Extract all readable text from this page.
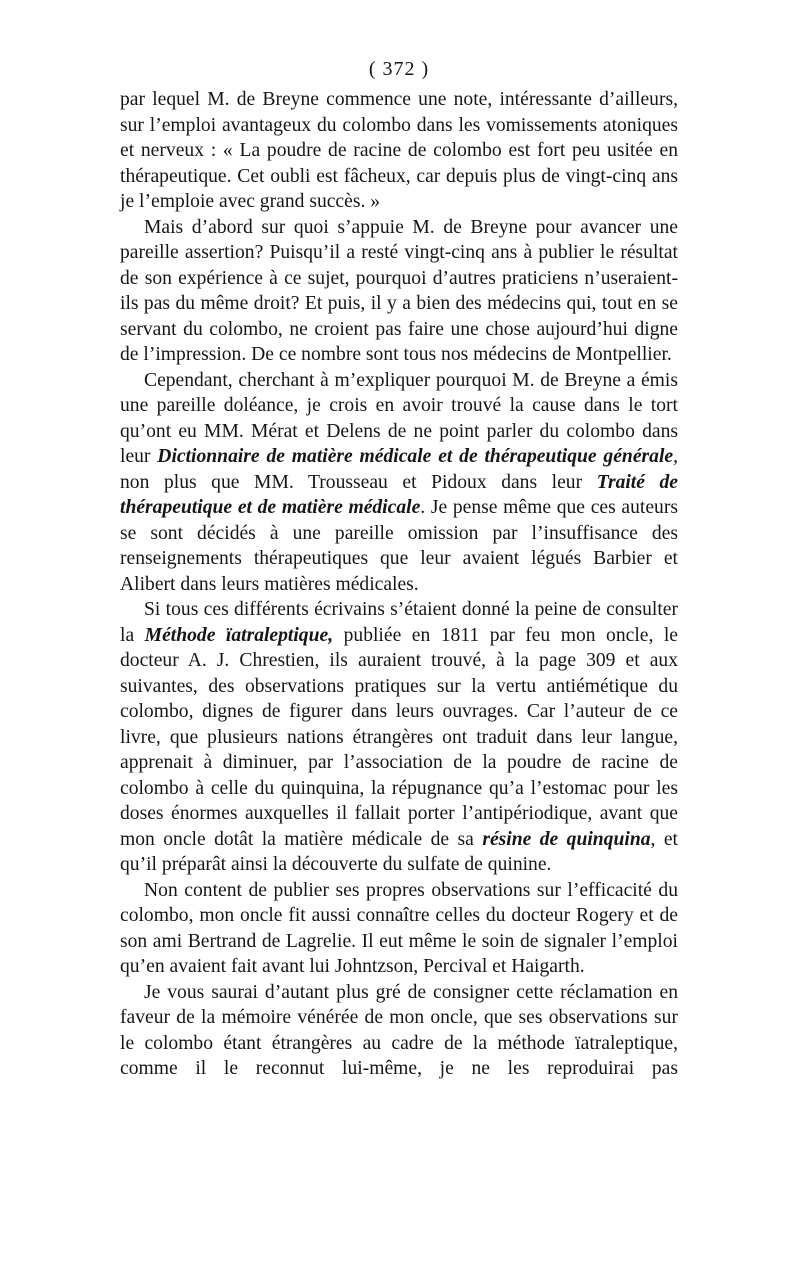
( 372 )

par lequel M. de Breyne commence une note, intéressante d’ailleurs, sur l’emploi avantageux du colombo dans les vomissements atoniques et nerveux : « La poudre de racine de colombo est fort peu usitée en thérapeutique. Cet oubli est fâcheux, car depuis plus de vingt-cinq ans je l’emploie avec grand succès. »

Mais d’abord sur quoi s’appuie M. de Breyne pour avancer une pareille assertion? Puisqu’il a resté vingt-cinq ans à publier le résultat de son expérience à ce sujet, pourquoi d’autres praticiens n’useraient-ils pas du même droit? Et puis, il y a bien des médecins qui, tout en se servant du colombo, ne croient pas faire une chose aujourd’hui digne de l’impression. De ce nombre sont tous nos médecins de Montpellier.

Cependant, cherchant à m’expliquer pourquoi M. de Breyne a émis une pareille doléance, je crois en avoir trouvé la cause dans le tort qu’ont eu MM. Mérat et Delens de ne point parler du colombo dans leur Dictionnaire de matière médicale et de thérapeutique générale, non plus que MM. Trousseau et Pidoux dans leur Traité de thérapeutique et de matière médicale. Je pense même que ces auteurs se sont décidés à une pareille omission par l’insuffisance des renseignements thérapeutiques que leur avaient légués Barbier et Alibert dans leurs matières médicales.

Si tous ces différents écrivains s’étaient donné la peine de consulter la Méthode ïatraleptique, publiée en 1811 par feu mon oncle, le docteur A. J. Chrestien, ils auraient trouvé, à la page 309 et aux suivantes, des observations pratiques sur la vertu antiémétique du colombo, dignes de figurer dans leurs ouvrages. Car l’auteur de ce livre, que plusieurs nations étrangères ont traduit dans leur langue, apprenait à diminuer, par l’association de la poudre de racine de colombo à celle du quinquina, la répugnance qu’a l’estomac pour les doses énormes auxquelles il fallait porter l’antipériodique, avant que mon oncle dotât la matière médicale de sa résine de quinquina, et qu’il préparât ainsi la découverte du sulfate de quinine.

Non content de publier ses propres observations sur l’efficacité du colombo, mon oncle fit aussi connaître celles du docteur Rogery et de son ami Bertrand de Lagrelie. Il eut même le soin de signaler l’emploi qu’en avaient fait avant lui Johntzson, Percival et Haigarth.

Je vous saurai d’autant plus gré de consigner cette réclamation en faveur de la mémoire vénérée de mon oncle, que ses observations sur le colombo étant étrangères au cadre de la méthode ïatraleptique, comme il le reconnut lui-même, je ne les reproduirai pas
